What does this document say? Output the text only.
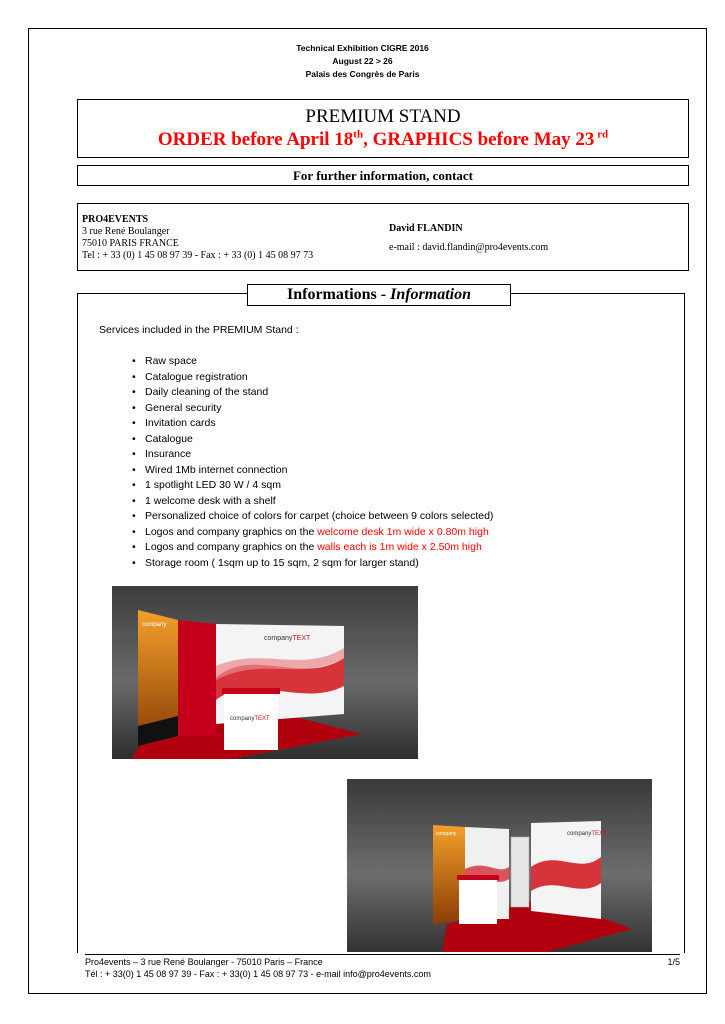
Technical Exhibition CIGRE 2016
August 22 > 26
Palais des Congrès de Paris
PREMIUM STAND
ORDER before April 18th, GRAPHICS before May 23 $^{rd}$
For further information, contact
PRO4EVENTS
3 rue René Boulanger
75010 PARIS FRANCE
Tel : + 33 (0) 1 45 08 97 39 - Fax : + 33 (0) 1 45 08 97 73
David FLANDIN
e-mail : david.flandin@pro4events.com
Informations - Information
Services included in the PREMIUM Stand :
• Raw space
• Catalogue registration
• Daily cleaning of the stand
• General security
• Invitation cards
• Catalogue
• Insurance
• Wired 1Mb internet connection
• 1 spotlight LED 30 W / 4 sqm
• 1 welcome desk with a shelf
• Personalized choice of colors for carpet (choice between 9 colors selected)
• Logos and company graphics on the welcome desk 1m wide x 0.80m high
• Logos and company graphics on the walls each is 1m wide x 2.50m high
• Storage room ( 1sqm up to 15 sqm, 2 sqm for larger stand)
company
companyTEXT
companyTEXT
company	companyTEXT
Pro4events – 3 rue René Boulanger - 75010 Paris – France
Tél : + 33(0) 1 45 08 97 39 - Fax : + 33(0) 1 45 08 97 73 - e-mail info@pro4events.com
1/5
